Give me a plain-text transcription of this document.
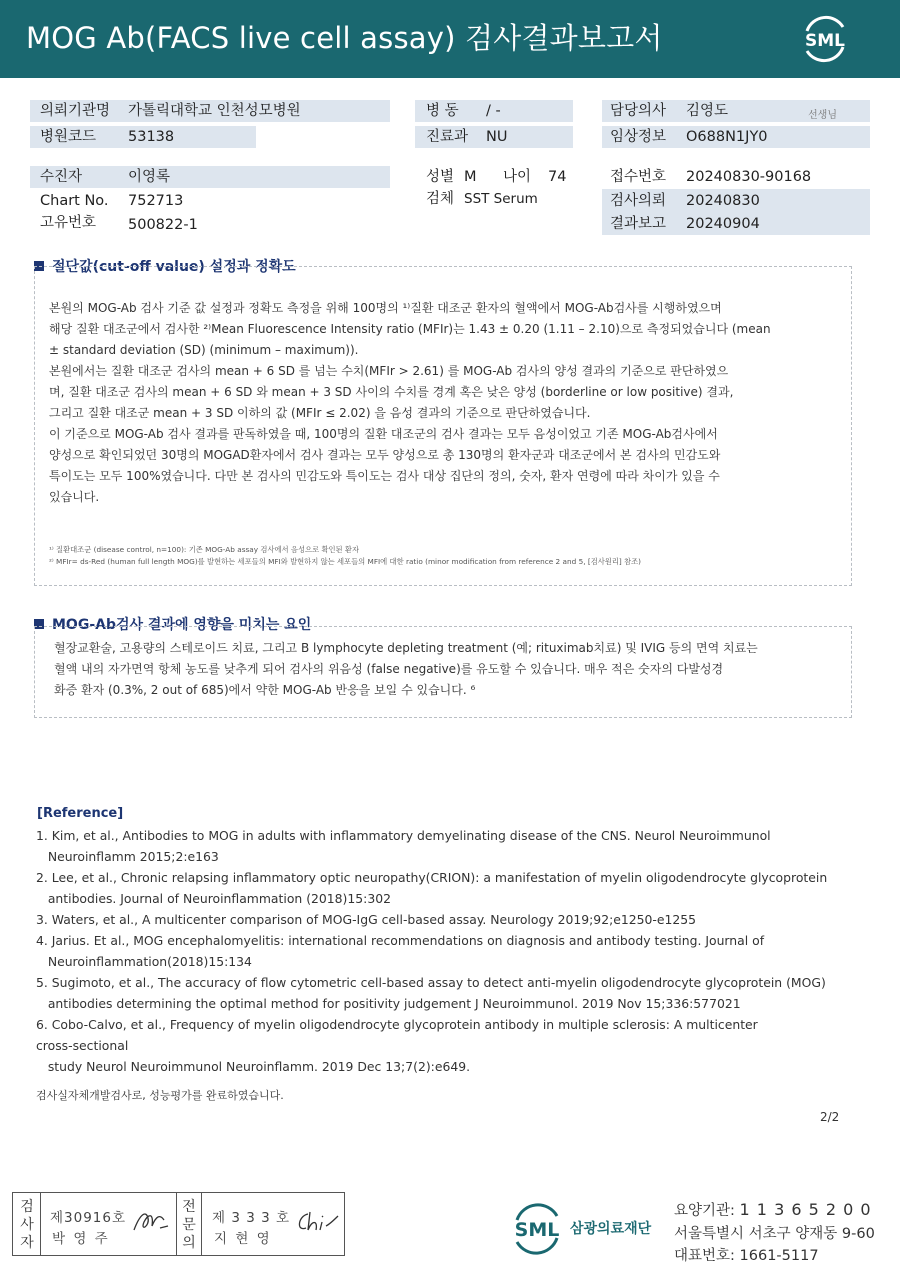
MOG Ab(FACS live cell assay) 검사결과보고서	SML
의뢰기관명 가톨릭대학교 인천성모병원
병원코드 53138
수진자	이영록
Chart No. 752713
고유번호 500822-1
병 동 / -
진료과 NU
성별 M 나이 74
검체 SST Serum
담당의사 김영도	선생님
임상정보 O688N1JY0
접수번호 20240830-90168
검사의뢰 20240830
결과보고 20240904
절단값(cut-off value) 설정과 정확도
본원의 MOG-Ab 검사 기준 값 설정과 정확도 측정을 위해 100명의 ¹⁾질환 대조군 환자의 혈액에서 MOG-Ab검사를 시행하였으며
해당 질환 대조군에서 검사한 ²⁾Mean Fluorescence Intensity ratio (MFIr)는 1.43 ± 0.20 (1.11 – 2.10)으로 측정되었습니다 (mean
± standard deviation (SD) (minimum – maximum)).
본원에서는 질환 대조군 검사의 mean + 6 SD 를 넘는 수치(MFIr > 2.61) 를 MOG-Ab 검사의 양성 결과의 기준으로 판단하였으
며, 질환 대조군 검사의 mean + 6 SD 와 mean + 3 SD 사이의 수치를 경계 혹은 낮은 양성 (borderline or low positive) 결과,
그리고 질환 대조군 mean + 3 SD 이하의 값 (MFIr ≤ 2.02) 을 음성 결과의 기준으로 판단하였습니다.
이 기준으로 MOG-Ab 검사 결과를 판독하였을 때, 100명의 질환 대조군의 검사 결과는 모두 음성이었고 기존 MOG-Ab검사에서
양성으로 확인되었던 30명의 MOGAD환자에서 검사 결과는 모두 양성으로 총 130명의 환자군과 대조군에서 본 검사의 민감도와
특이도는 모두 100%였습니다. 다만 본 검사의 민감도와 특이도는 검사 대상 집단의 정의, 숫자, 환자 연령에 따라 차이가 있을 수
있습니다.
¹⁾ 질환대조군 (disease control, n=100): 기존 MOG-Ab assay 검사에서 음성으로 확인된 환자
²⁾ MFIr= ds-Red (human full length MOG)를 발현하는 세포들의 MFI와 발현하지 않는 세포들의 MFI에 대한 ratio (minor modification from reference 2 and 5, [검사원리] 참조)
MOG-Ab검사 결과에 영향을 미치는 요인
혈장교환술, 고용량의 스테로이드 치료, 그리고 B lymphocyte depleting treatment (예; rituximab치료) 및 IVIG 등의 면역 치료는
혈액 내의 자가면역 항체 농도를 낮추게 되어 검사의 위음성 (false negative)를 유도할 수 있습니다. 매우 적은 숫자의 다발성경
화증 환자 (0.3%, 2 out of 685)에서 약한 MOG-Ab 반응을 보일 수 있습니다. ⁶
[Reference]
1. Kim, et al., Antibodies to MOG in adults with inflammatory demyelinating disease of the CNS. Neurol Neuroimmunol
Neuroinflamm 2015;2:e163
2. Lee, et al., Chronic relapsing inflammatory optic neuropathy(CRION): a manifestation of myelin oligodendrocyte glycoprotein
antibodies. Journal of Neuroinflammation (2018)15:302
3. Waters, et al., A multicenter comparison of MOG-IgG cell-based assay. Neurology 2019;92;e1250-e1255
4. Jarius. Et al., MOG encephalomyelitis: international recommendations on diagnosis and antibody testing. Journal of
Neuroinflammation(2018)15:134
5. Sugimoto, et al., The accuracy of flow cytometric cell-based assay to detect anti-myelin oligodendrocyte glycoprotein (MOG)
antibodies determining the optimal method for positivity judgement J Neuroimmunol. 2019 Nov 15;336:577021
6. Cobo-Calvo, et al., Frequency of myelin oligodendrocyte glycoprotein antibody in multiple sclerosis: A multicenter
cross-sectional
study Neurol Neuroimmunol Neuroinflamm. 2019 Dec 13;7(2):e649.
검사실자체개발검사로, 성능평가를 완료하였습니다.
2/2
검사자
제30916호
박 영 주
전문의
제 3 3 3 호
지 현 영	SML 삼광의료재단
요양기관: 1 1 3 6 5 2 0 0
서울특별시 서초구 양재동 9-60
대표번호: 1661-5117
